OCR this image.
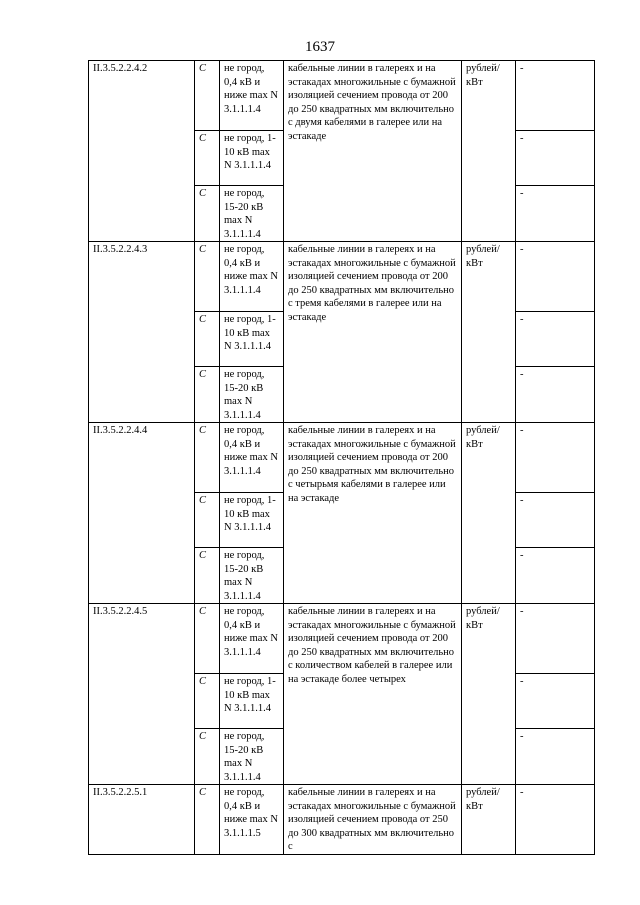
1637
II.3.5.2.2.4.2	С	не город, 0,4 кВ и ниже max N 3.1.1.1.4	кабельные линии в галереях и на эстакадах многожильные с бумажной изоляцией сечением провода от 200 до 250 квадратных мм включительно с двумя кабелями в галерее или на эстакаде	рублей/ кВт	-
	С	не город, 1-10 кВ max N 3.1.1.1.4			-
	С	не город, 15-20 кВ max N 3.1.1.1.4			-
II.3.5.2.2.4.3	С	не город, 0,4 кВ и ниже max N 3.1.1.1.4	кабельные линии в галереях и на эстакадах многожильные с бумажной изоляцией сечением провода от 200 до 250 квадратных мм включительно с тремя кабелями в галерее или на эстакаде	рублей/ кВт	-
	С	не город, 1-10 кВ max N 3.1.1.1.4			-
	С	не город, 15-20 кВ max N 3.1.1.1.4			-
II.3.5.2.2.4.4	С	не город, 0,4 кВ и ниже max N 3.1.1.1.4	кабельные линии в галереях и на эстакадах многожильные с бумажной изоляцией сечением провода от 200 до 250 квадратных мм включительно с четырьмя кабелями в галерее или на эстакаде	рублей/ кВт	-
	С	не город, 1-10 кВ max N 3.1.1.1.4			-
	С	не город, 15-20 кВ max N 3.1.1.1.4			-
II.3.5.2.2.4.5	С	не город, 0,4 кВ и ниже max N 3.1.1.1.4	кабельные линии в галереях и на эстакадах многожильные с бумажной изоляцией сечением провода от 200 до 250 квадратных мм включительно с количеством кабелей в галерее или на эстакаде более четырех	рублей/ кВт	-
	С	не город, 1-10 кВ max N 3.1.1.1.4			-
	С	не город, 15-20 кВ max N 3.1.1.1.4			-
II.3.5.2.2.5.1	С	не город, 0,4 кВ и ниже max N 3.1.1.1.5	кабельные линии в галереях и на эстакадах многожильные с бумажной изоляцией сечением провода от 250 до 300 квадратных мм включительно с	рублей/ кВт	-
